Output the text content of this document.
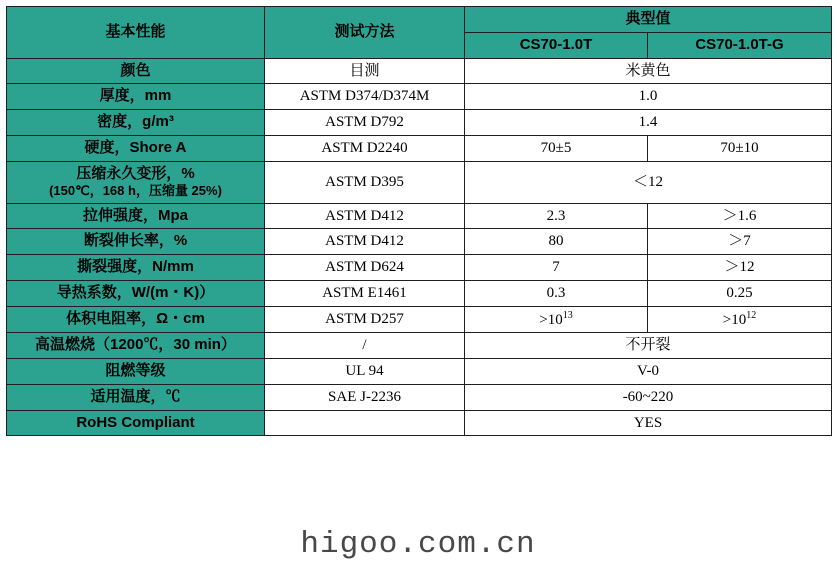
基本性能	测试方法	典型值	
		CS70-1.0T	CS70-1.0T-G
颜色	目测	米黄色	
厚度，mm	ASTM D374/D374M	1.0	
密度，g/m³	ASTM D792	1.4	
硬度，Shore A	ASTM D2240	70±5	70±10
压缩永久变形，%
(150℃，168 h，压缩量 25%)	ASTM D395	＜12	
拉伸强度，Mpa	ASTM D412	2.3	＞1.6
断裂伸长率，%	ASTM D412	80	＞7
撕裂强度，N/mm	ASTM D624	7	＞12
导热系数，W/(m・K)）	ASTM E1461	0.3	0.25
体积电阻率，Ω・cm	ASTM D257	$>10^{13}$	$>10^{12}$
高温燃烧（1200℃，30 min）	/	不开裂	
阻燃等级	UL 94	V-0	
适用温度，℃	SAE J-2236	-60~220	
RoHS Compliant		YES	
higoo.com.cn
